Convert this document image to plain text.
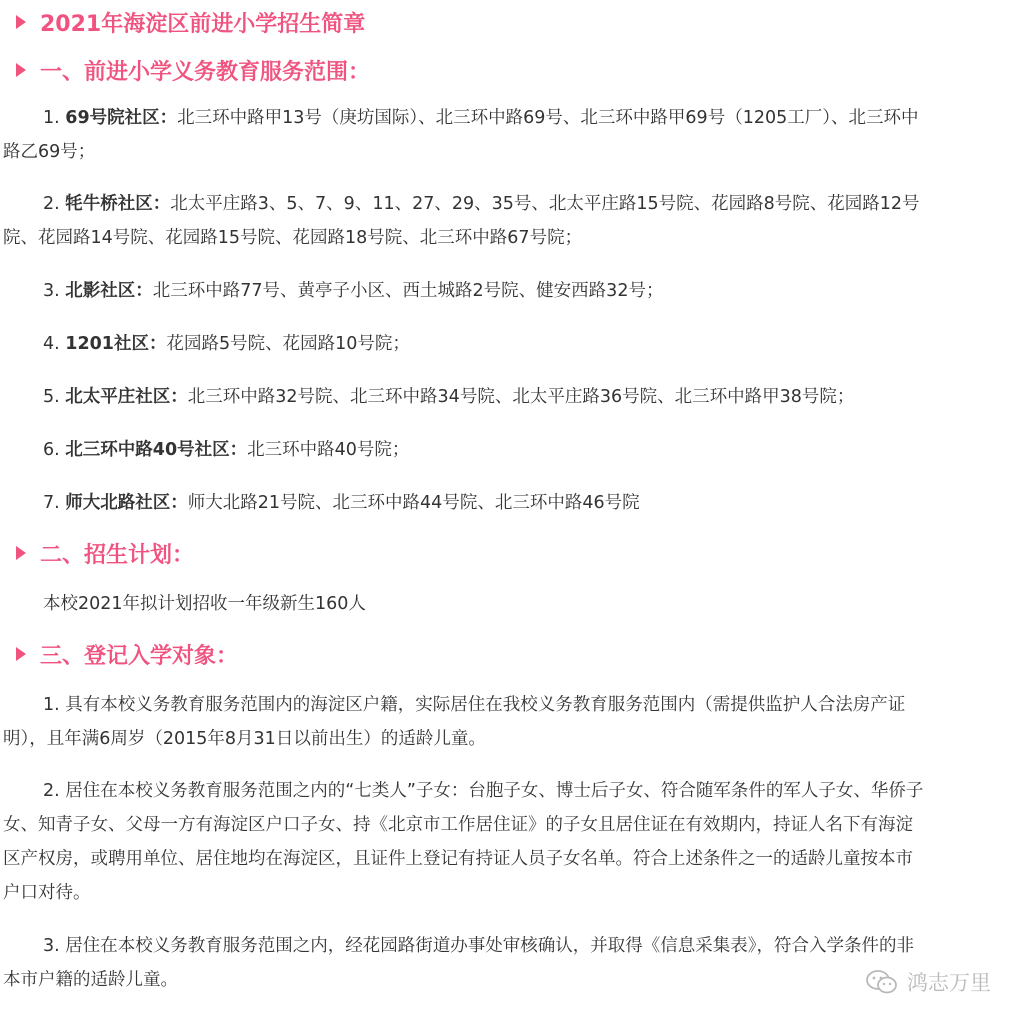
2021年海淀区前进小学招生简章
一、前进小学义务教育服务范围：
1. 69号院社区：北三环中路甲13号（庚坊国际）、北三环中路69号、北三环中路甲69号（1205工厂）、北三环中
路乙69号；
2. 牦牛桥社区：北太平庄路3、5、7、9、11、27、29、35号、北太平庄路15号院、花园路8号院、花园路12号
院、花园路14号院、花园路15号院、花园路18号院、北三环中路67号院；
3. 北影社区：北三环中路77号、黄亭子小区、西土城路2号院、健安西路32号；
4. 1201社区：花园路5号院、花园路10号院；
5. 北太平庄社区：北三环中路32号院、北三环中路34号院、北太平庄路36号院、北三环中路甲38号院；
6. 北三环中路40号社区：北三环中路40号院；
7. 师大北路社区：师大北路21号院、北三环中路44号院、北三环中路46号院
二、招生计划：
本校2021年拟计划招收一年级新生160人
三、登记入学对象：
1. 具有本校义务教育服务范围内的海淀区户籍，实际居住在我校义务教育服务范围内（需提供监护人合法房产证
明），且年满6周岁（2015年8月31日以前出生）的适龄儿童。
2. 居住在本校义务教育服务范围之内的“七类人”子女：台胞子女、博士后子女、符合随军条件的军人子女、华侨子
女、知青子女、父母一方有海淀区户口子女、持《北京市工作居住证》的子女且居住证在有效期内，持证人名下有海淀
区产权房，或聘用单位、居住地均在海淀区，且证件上登记有持证人员子女名单。符合上述条件之一的适龄儿童按本市
户口对待。
3. 居住在本校义务教育服务范围之内，经花园路街道办事处审核确认，并取得《信息采集表》，符合入学条件的非
本市户籍的适龄儿童。	鸿志万里
